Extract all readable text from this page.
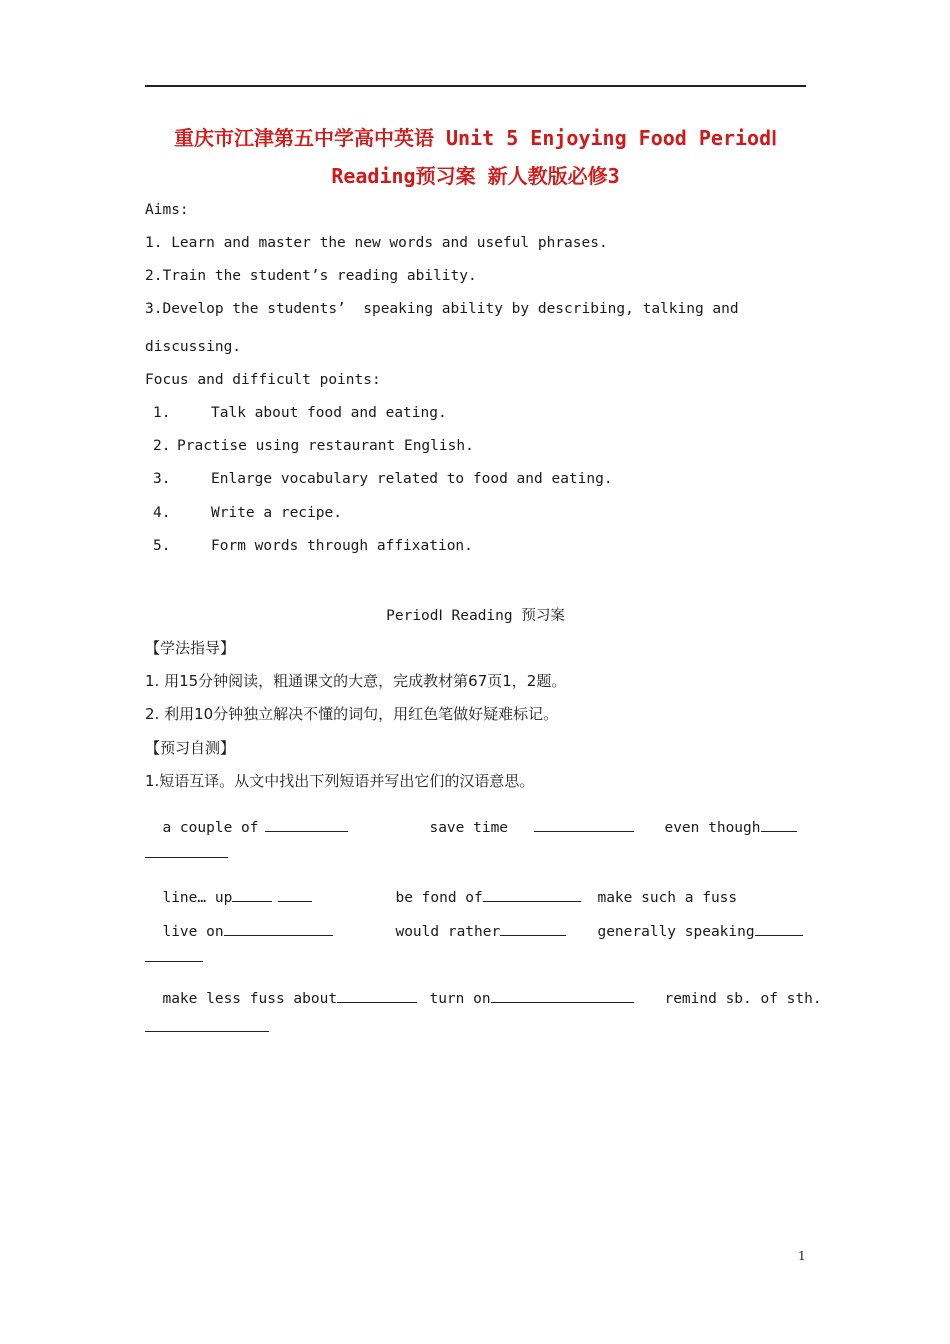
重庆市江津第五中学高中英语 Unit 5 Enjoying Food PeriodⅠ
Reading预习案 新人教版必修3
Aims:
1. Learn and master the new words and useful phrases.
2.Train the student’s reading ability.
3.Develop the students’  speaking ability by describing, talking and
discussing.
Focus and difficult points:
1.	Talk about food and eating.
2. Practise using restaurant English.
3.	Enlarge vocabulary related to food and eating.
4.	Write a recipe.
5.	Form words through affixation.
PeriodⅠ Reading 预习案
【学法指导】
1. 用15分钟阅读，粗通课文的大意，完成教材第67页1，2题。
2. 利用10分钟独立解决不懂的词句，用红色笔做好疑难标记。
【预习自测】
1.短语互译。从文中找出下列短语并写出它们的汉语意思。

a couple of	save time	even though

line… up	be fond of	make such a fuss

live on	would rather	generally speaking

make less fuss about	turn on	remind sb. of sth.

1
